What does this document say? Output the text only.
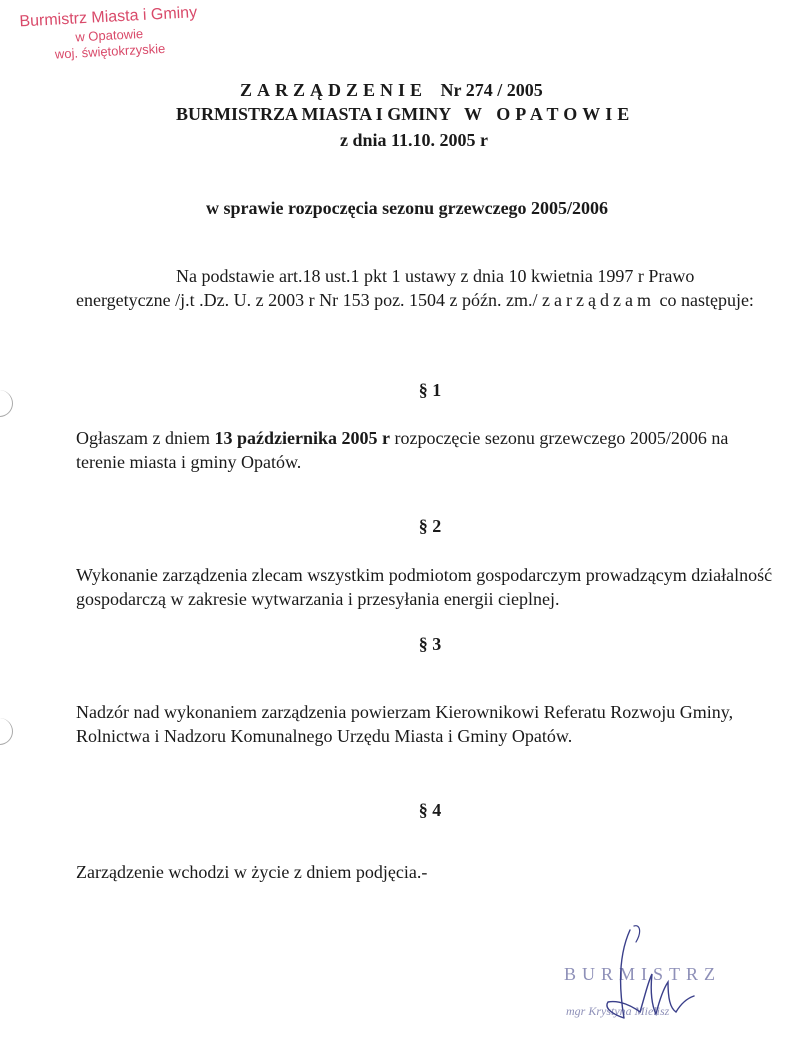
Burmistrz Miasta i Gminy
w Opatowie
woj. świętokrzyskie
ZARZĄDZENIE Nr 274 / 2005
BURMISTRZA MIASTA I GMINY W OPATOWIE
z dnia 11.10. 2005 r
w sprawie rozpoczęcia sezonu grzewczego 2005/2006
Na podstawie art.18 ust.1 pkt 1 ustawy z dnia 10 kwietnia 1997 r Prawo energetyczne /j.t .Dz. U. z 2003 r Nr 153 poz. 1504 z późn. zm./ zarządzam co następuje:
§ 1
Ogłaszam z dniem 13 października 2005 r rozpoczęcie sezonu grzewczego 2005/2006 na terenie miasta i gminy Opatów.
§ 2
Wykonanie zarządzenia zlecam wszystkim podmiotom gospodarczym prowadzącym działalność gospodarczą w zakresie wytwarzania i przesyłania energii cieplnej.
§ 3
Nadzór nad wykonaniem zarządzenia powierzam Kierownikowi Referatu Rozwoju Gminy, Rolnictwa i Nadzoru Komunalnego Urzędu Miasta i Gminy Opatów.
§ 4
Zarządzenie wchodzi w życie z dniem podjęcia.-
BURMISTRZ
mgr Krystyna Mielisz
